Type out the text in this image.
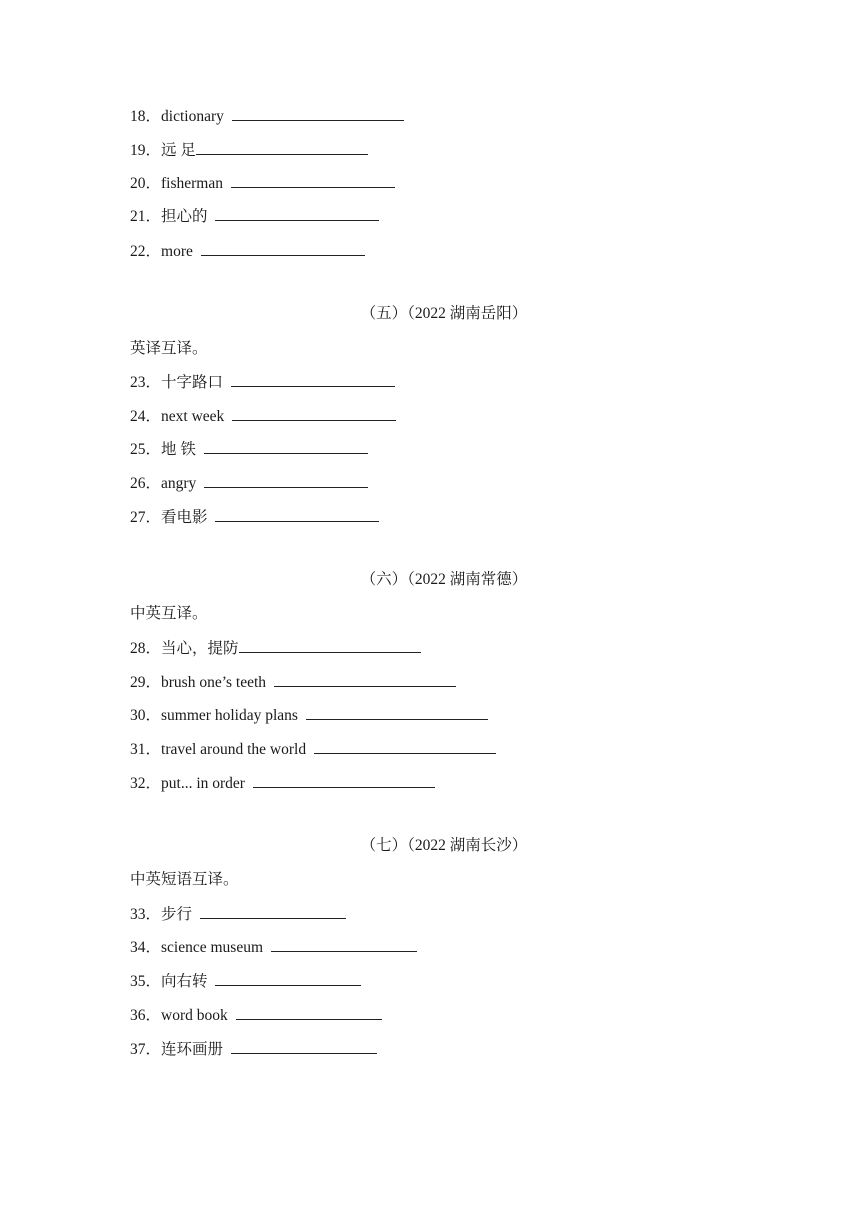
18．dictionary
19．远 足
20．fisherman
21．担心的
22．more
（五）（2022 湖南岳阳）
英译互译。
23．十字路口
24．next week
25．地 铁
26．angry
27．看电影
（六）（2022 湖南常德）
中英互译。
28．当心，提防
29．brush one’s teeth
30．summer holiday plans
31．travel around the world
32．put... in order
（七）（2022 湖南长沙）
中英短语互译。
33．步行
34．science museum
35．向右转
36．word book
37．连环画册
